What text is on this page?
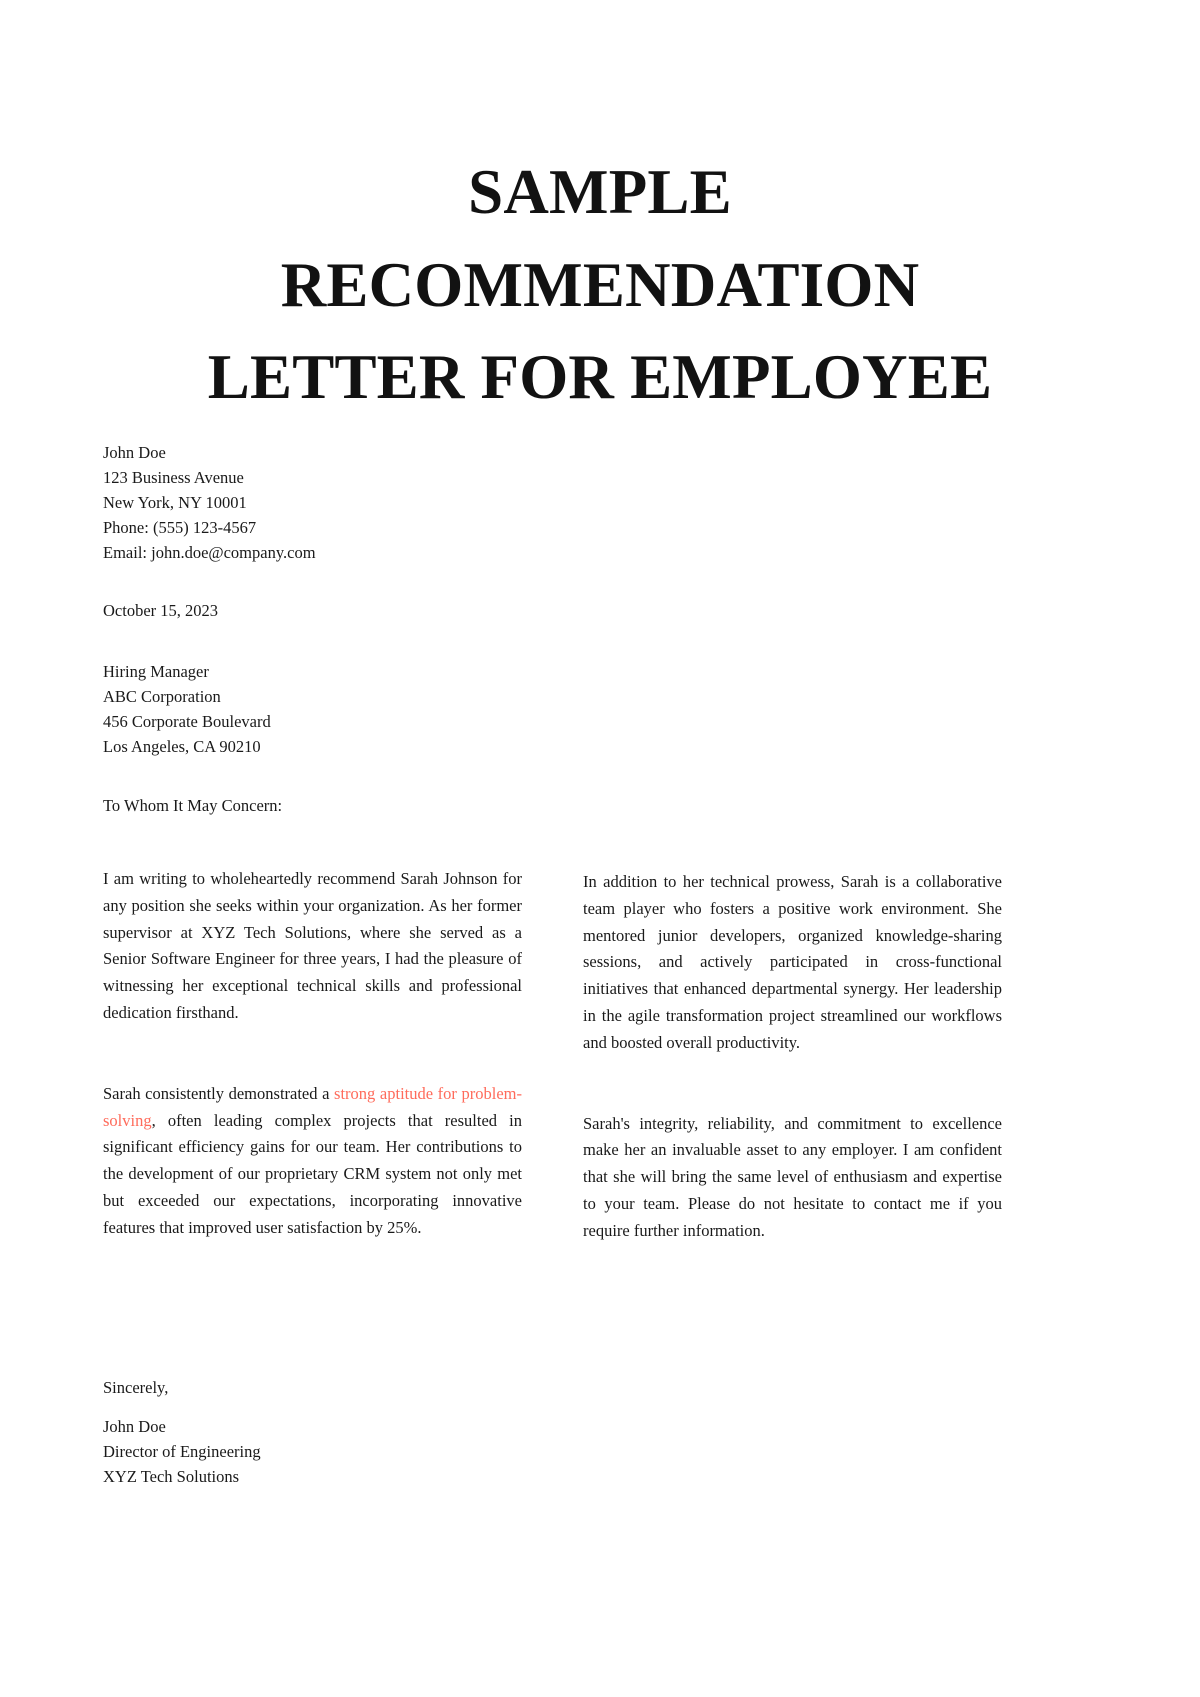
SAMPLE
RECOMMENDATION
LETTER FOR EMPLOYEE
John Doe
123 Business Avenue
New York, NY 10001
Phone: (555) 123-4567
Email: john.doe@company.com
October 15, 2023
Hiring Manager
ABC Corporation
456 Corporate Boulevard
Los Angeles, CA 90210
To Whom It May Concern:

I am writing to wholeheartedly recommend Sarah Johnson for any position she seeks within your organization. As her former supervisor at XYZ Tech Solutions, where she served as a Senior Software Engineer for three years, I had the pleasure of witnessing her exceptional technical skills and professional dedication firsthand.

Sarah consistently demonstrated a strong aptitude for problem-solving, often leading complex projects that resulted in significant efficiency gains for our team. Her contributions to the development of our proprietary CRM system not only met but exceeded our expectations, incorporating innovative features that improved user satisfaction by 25%.

In addition to her technical prowess, Sarah is a collaborative team player who fosters a positive work environment. She mentored junior developers, organized knowledge-sharing sessions, and actively participated in cross-functional initiatives that enhanced departmental synergy. Her leadership in the agile transformation project streamlined our workflows and boosted overall productivity.

Sarah's integrity, reliability, and commitment to excellence make her an invaluable asset to any employer. I am confident that she will bring the same level of enthusiasm and expertise to your team. Please do not hesitate to contact me if you require further information.

Sincerely,
John Doe
Director of Engineering
XYZ Tech Solutions
